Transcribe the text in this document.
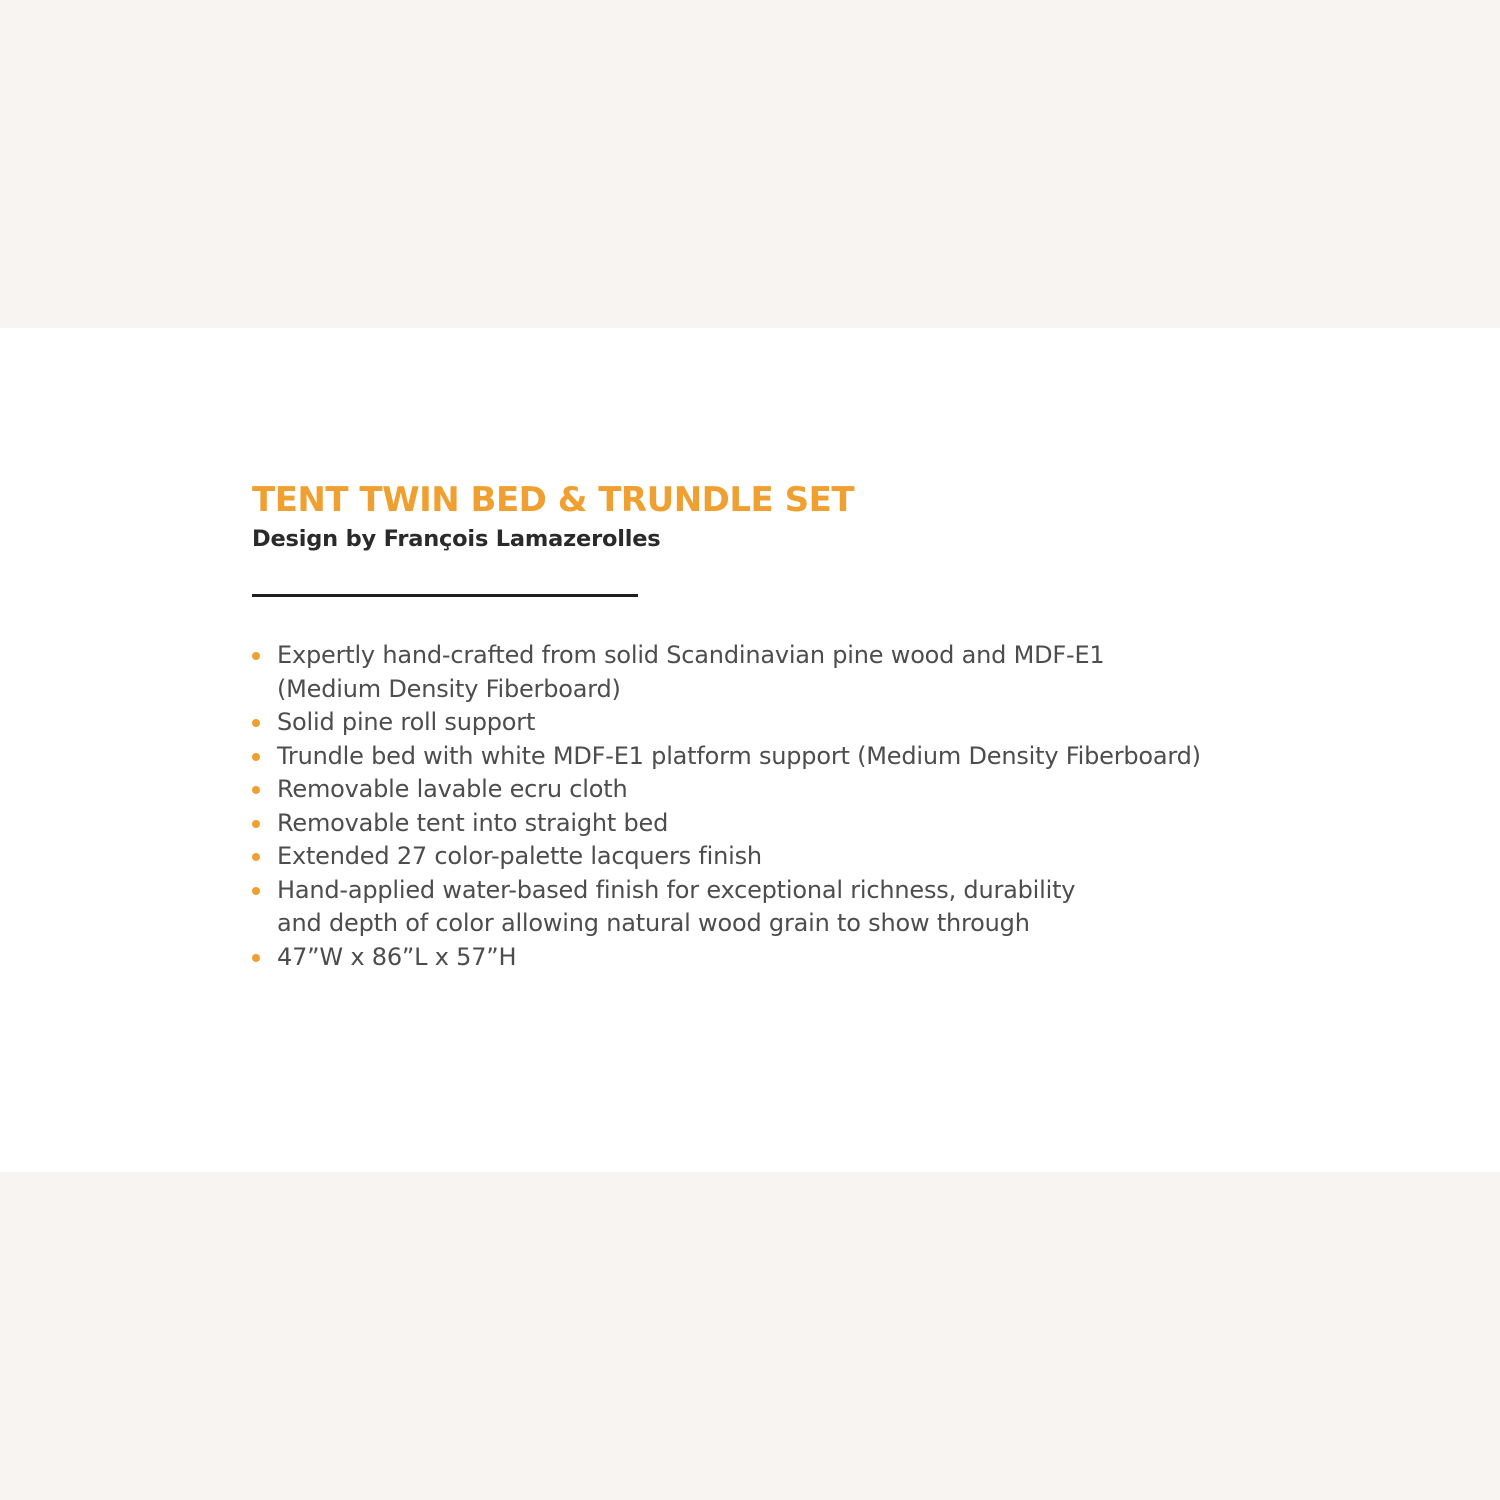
TENT TWIN BED & TRUNDLE SET
Design by François Lamazerolles
Expertly hand-crafted from solid Scandinavian pine wood and MDF-E1
(Medium Density Fiberboard)
Solid pine roll support
Trundle bed with white MDF-E1 platform support (Medium Density Fiberboard)
Removable lavable ecru cloth
Removable tent into straight bed
Extended 27 color-palette lacquers finish
Hand-applied water-based finish for exceptional richness, durability
and depth of color allowing natural wood grain to show through
47”W x 86”L x 57”H
